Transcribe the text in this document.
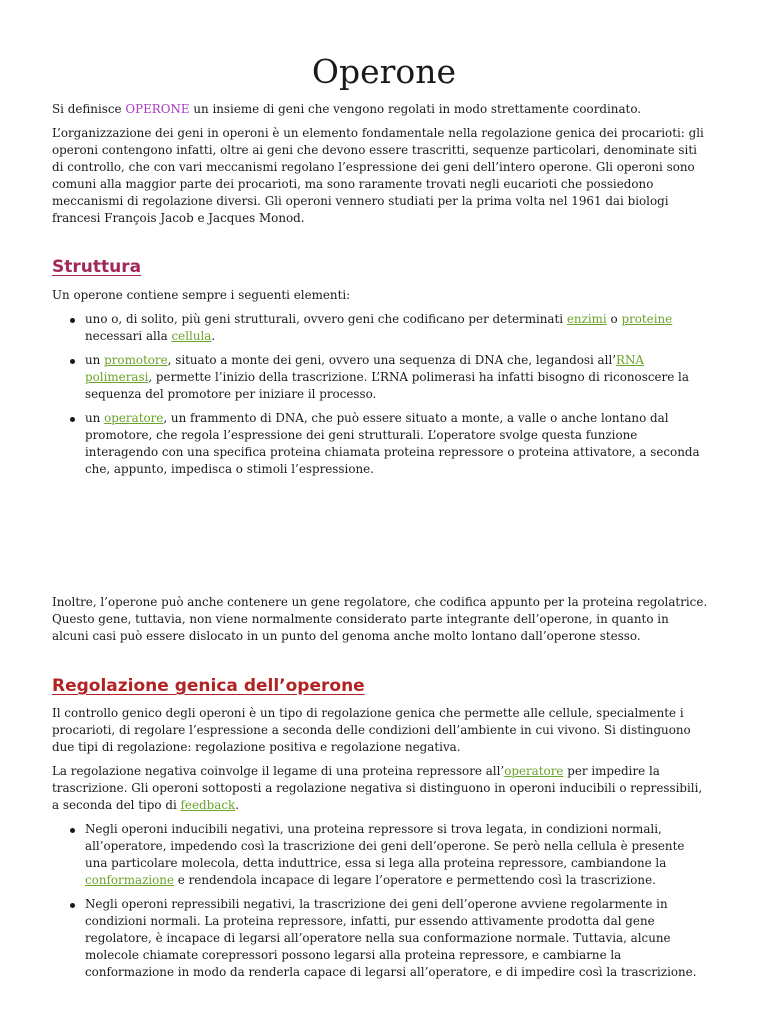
Operone

Si definisce OPERONE un insieme di geni che vengono regolati in modo strettamente coordinato.

L’organizzazione dei geni in operoni è un elemento fondamentale nella regolazione genica dei procarioti: gli operoni contengono infatti, oltre ai geni che devono essere trascritti, sequenze particolari, denominate siti di controllo, che con vari meccanismi regolano l’espressione dei geni dell’intero operone. Gli operoni sono comuni alla maggior parte dei procarioti, ma sono raramente trovati negli eucarioti che possiedono meccanismi di regolazione diversi. Gli operoni vennero studiati per la prima volta nel 1961 dai biologi francesi François Jacob e Jacques Monod.

Struttura

Un operone contiene sempre i seguenti elementi:

uno o, di solito, più geni strutturali, ovvero geni che codificano per determinati enzimi o proteine necessari alla cellula.
un promotore, situato a monte dei geni, ovvero una sequenza di DNA che, legandosi all’RNA polimerasi, permette l’inizio della trascrizione. L’RNA polimerasi ha infatti bisogno di riconoscere la sequenza del promotore per iniziare il processo.
un operatore, un frammento di DNA, che può essere situato a monte, a valle o anche lontano dal promotore, che regola l’espressione dei geni strutturali. L’operatore svolge questa funzione interagendo con una specifica proteina chiamata proteina repressore o proteina attivatore, a seconda che, appunto, impedisca o stimoli l’espressione.

Inoltre, l’operone può anche contenere un gene regolatore, che codifica appunto per la proteina regolatrice. Questo gene, tuttavia, non viene normalmente considerato parte integrante dell’operone, in quanto in alcuni casi può essere dislocato in un punto del genoma anche molto lontano dall’operone stesso.

Regolazione genica dell’operone

Il controllo genico degli operoni è un tipo di regolazione genica che permette alle cellule, specialmente i procarioti, di regolare l’espressione a seconda delle condizioni dell’ambiente in cui vivono. Si distinguono due tipi di regolazione: regolazione positiva e regolazione negativa.

La regolazione negativa coinvolge il legame di una proteina repressore all’operatore per impedire la trascrizione. Gli operoni sottoposti a regolazione negativa si distinguono in operoni inducibili o repressibili, a seconda del tipo di feedback.

Negli operoni inducibili negativi, una proteina repressore si trova legata, in condizioni normali, all’operatore, impedendo così la trascrizione dei geni dell’operone. Se però nella cellula è presente una particolare molecola, detta induttrice, essa si lega alla proteina repressore, cambiandone la conformazione e rendendola incapace di legare l’operatore e permettendo così la trascrizione.
Negli operoni repressibili negativi, la trascrizione dei geni dell’operone avviene regolarmente in condizioni normali. La proteina repressore, infatti, pur essendo attivamente prodotta dal gene regolatore, è incapace di legarsi all’operatore nella sua conformazione normale. Tuttavia, alcune molecole chiamate corepressori possono legarsi alla proteina repressore, e cambiarne la conformazione in modo da renderla capace di legarsi all’operatore, e di impedire così la trascrizione.
